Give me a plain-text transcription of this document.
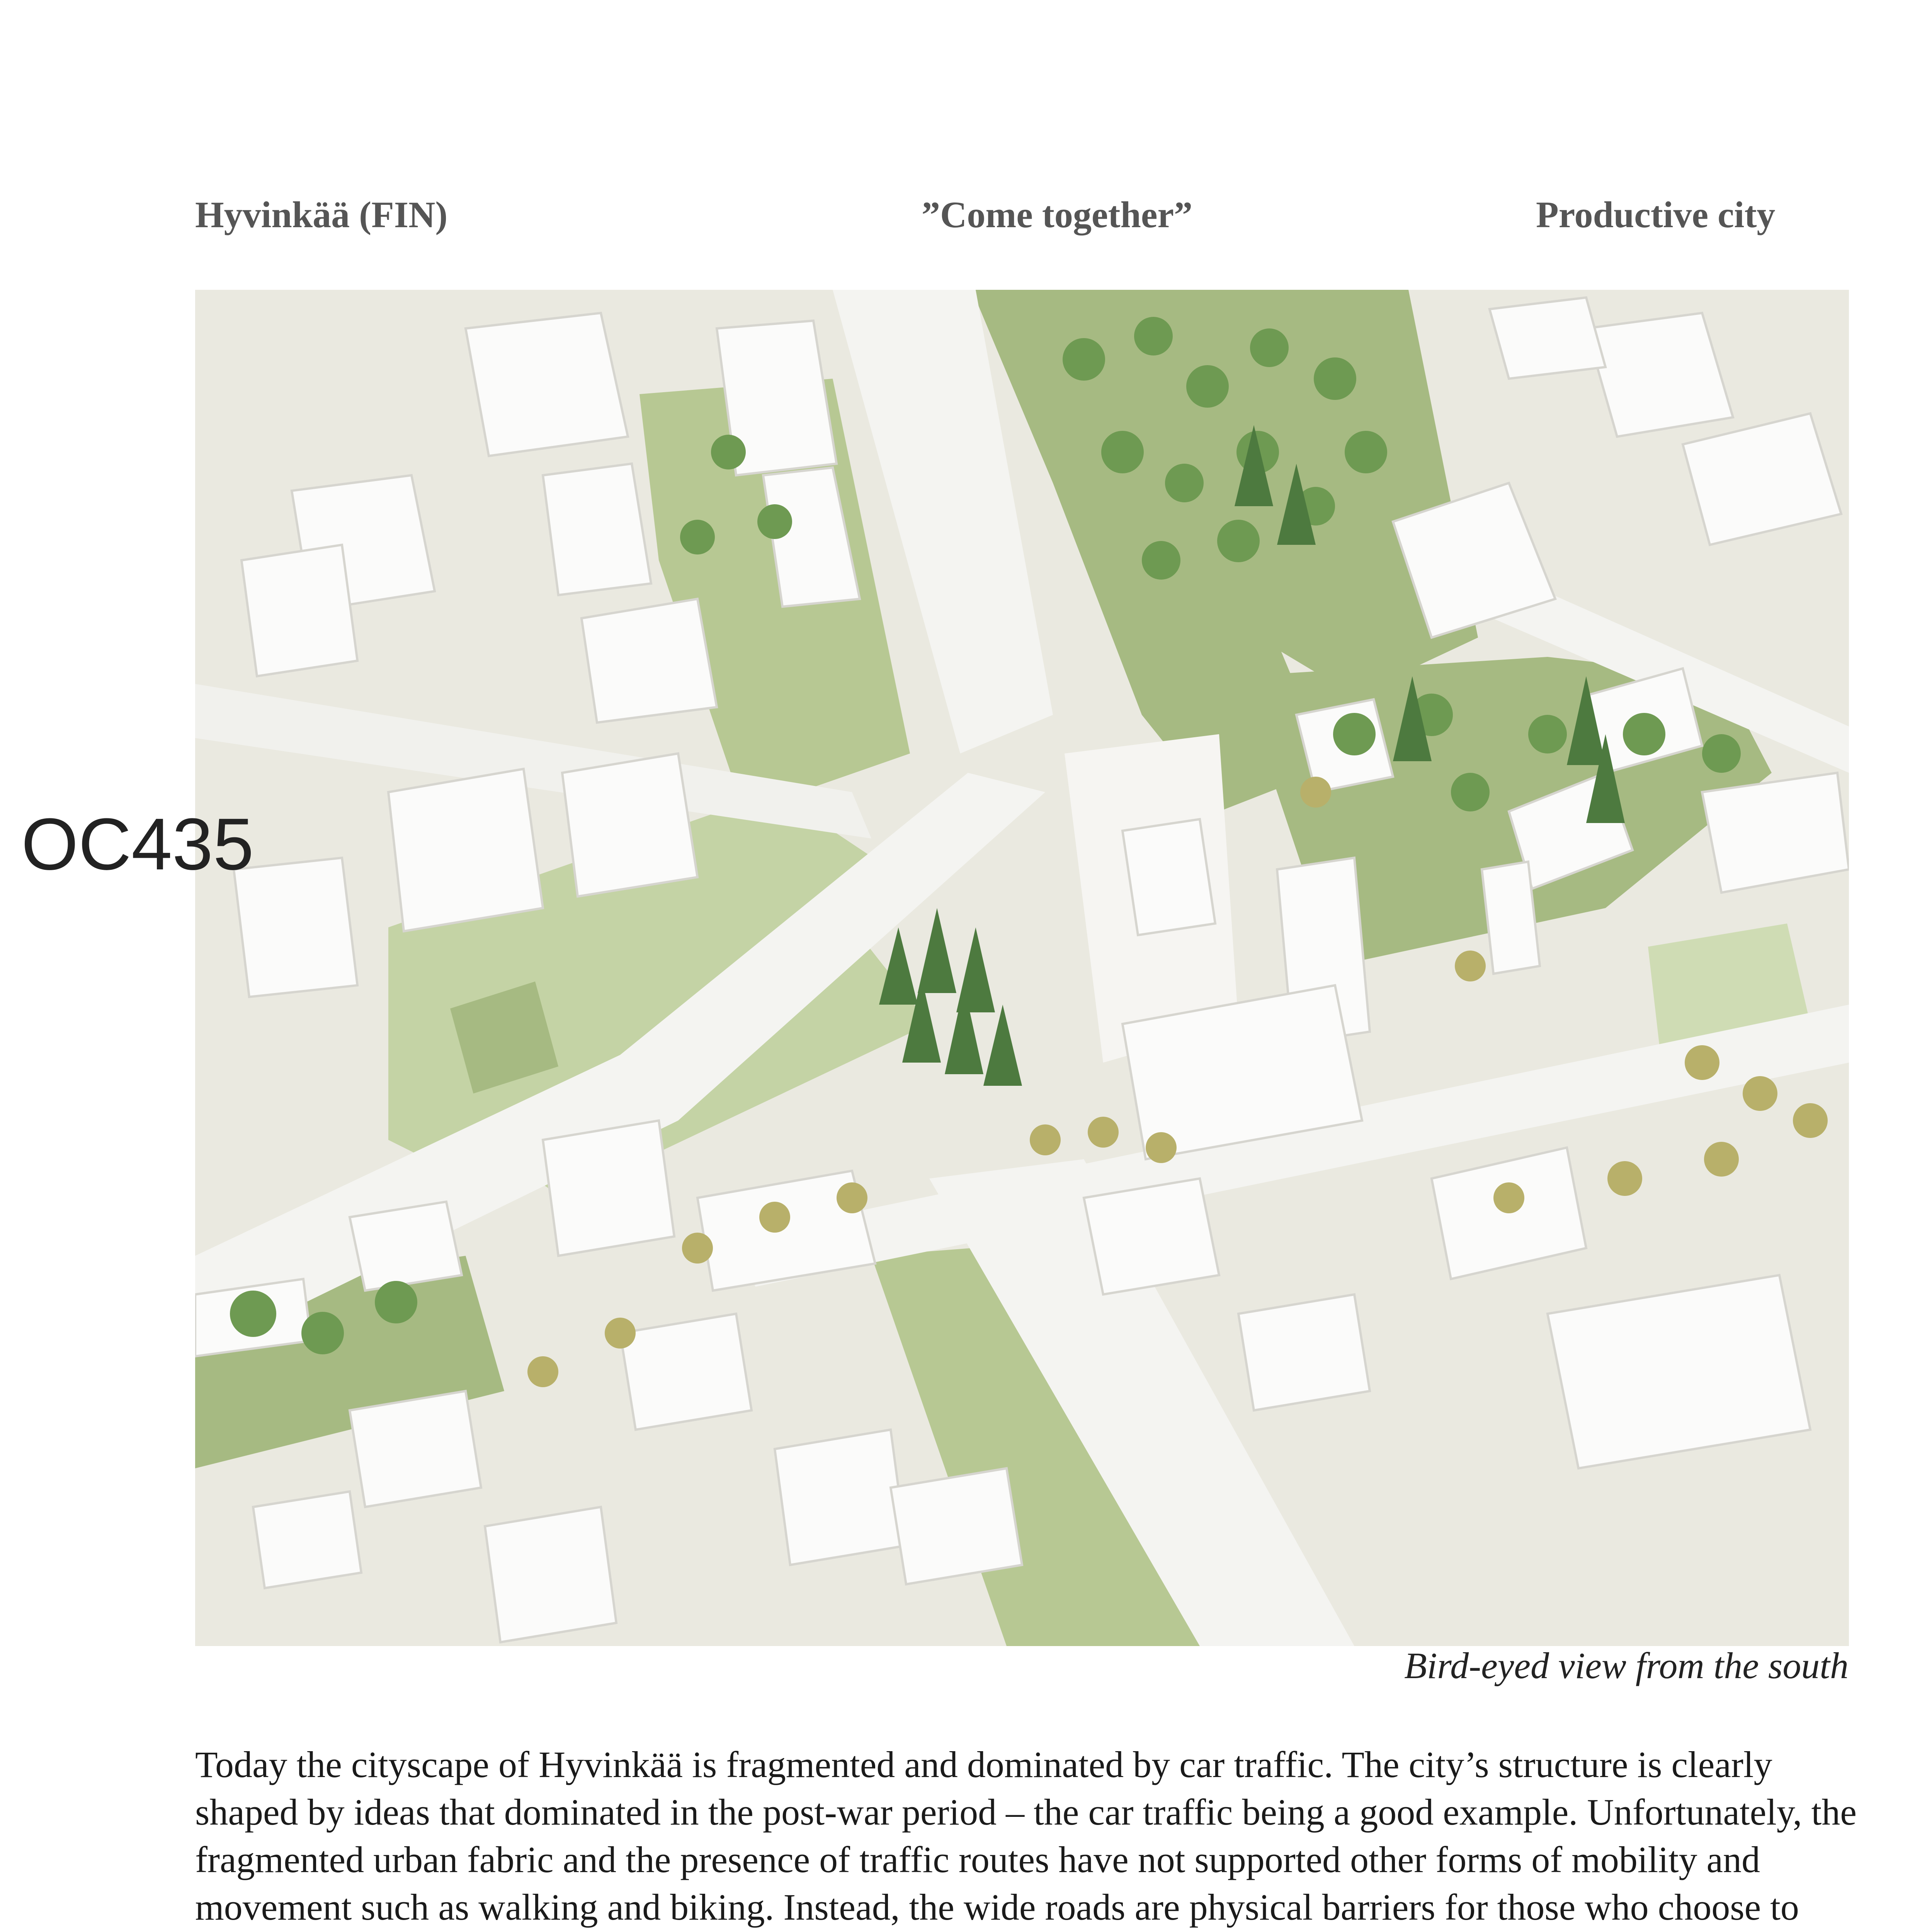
Hyvinkää (FIN)	”Come together”	Productive city
OC435
Bird-eyed view from the south

Today the cityscape of Hyvinkää is fragmented and dominated by car traffic. The city’s structure is clearly shaped by ideas that dominated in the post-war period – the car traffic being a good example. Unfortunately, the fragmented urban fabric and the presence of traffic routes have not supported other forms of mobility and movement such as walking and biking. Instead, the wide roads are physical barriers for those who choose to
